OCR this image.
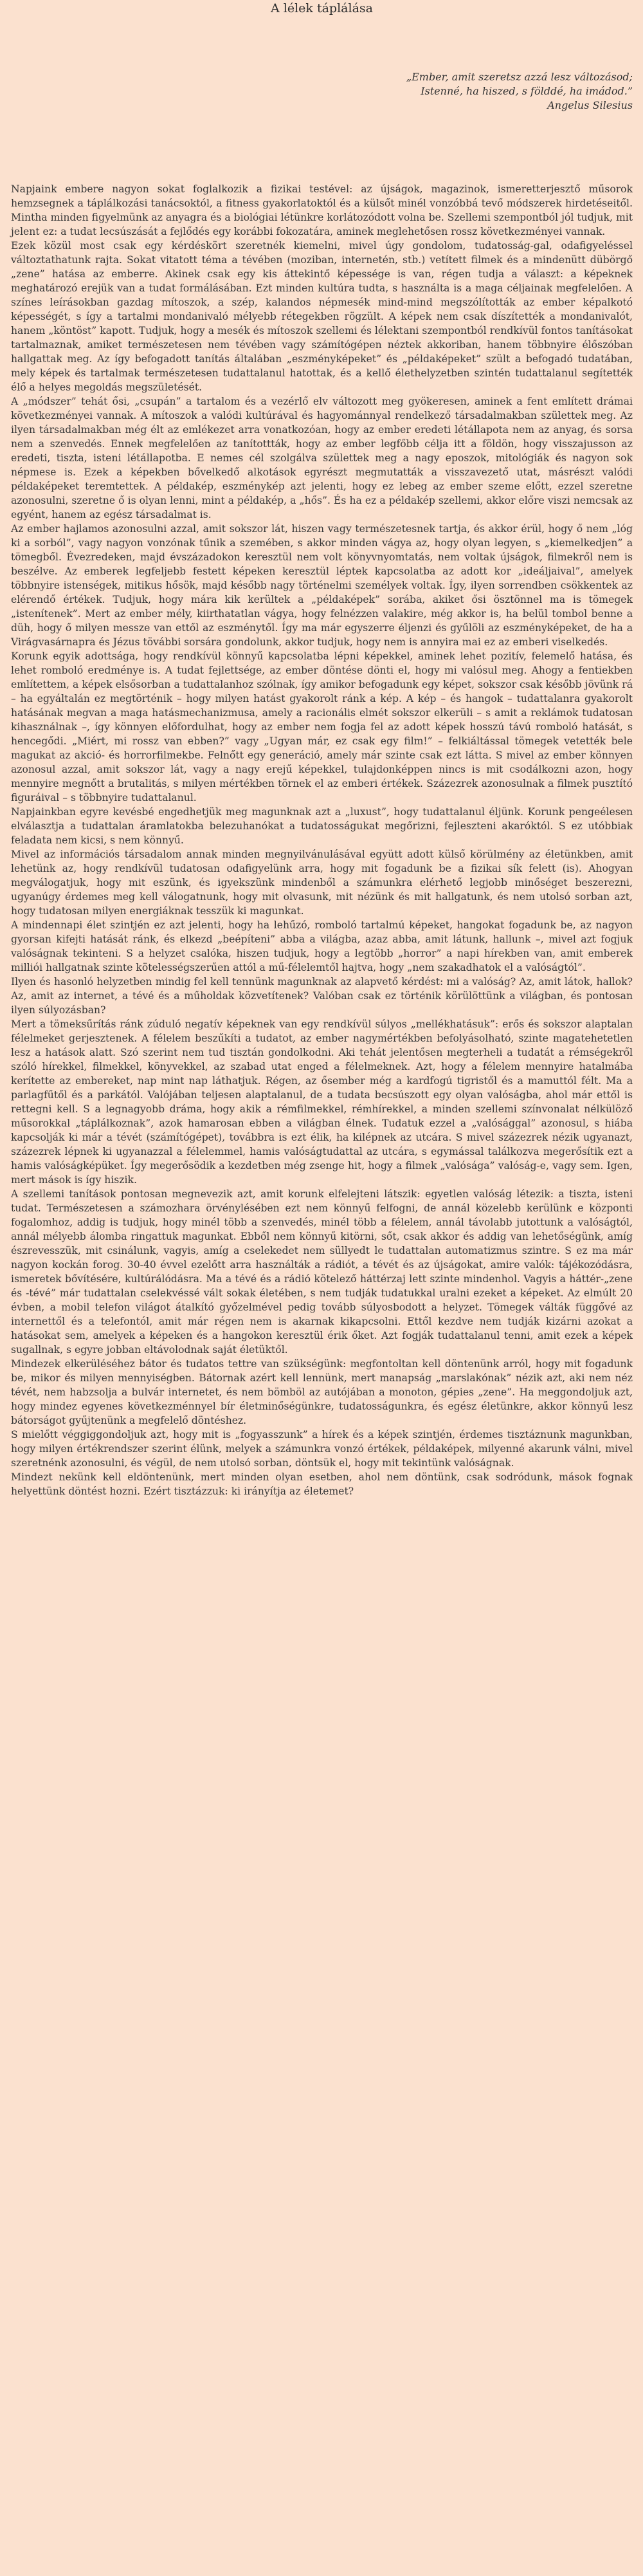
A lélek táplálása
„Ember, amit szeretsz azzá lesz változásod;
Istenné, ha hiszed, s földdé, ha imádod.”
Angelus Silesius

Napjaink embere nagyon sokat foglalkozik a fizikai testével: az újságok, magazinok, ismeretterjesztő műsorok hemzsegnek a táplálkozási tanácsoktól, a fitness gyakorlatoktól és a külsőt minél vonzóbbá tevő módszerek hirdetéseitől. Mintha minden figyelmünk az anyagra és a biológiai létünkre korlátozódott volna be. Szellemi szempontból jól tudjuk, mit jelent ez: a tudat lecsúszását a fejlődés egy korábbi fokozatára, aminek meglehetősen rossz következményei vannak.

Ezek közül most csak egy kérdéskört szeretnék kiemelni, mivel úgy gondolom, tudatosság-gal, odafigyeléssel változtathatunk rajta. Sokat vitatott téma a tévében (moziban, internetén, stb.) vetített filmek és a mindenütt dübörgő „zene” hatása az emberre. Akinek csak egy kis áttekintő képessége is van, régen tudja a választ: a képeknek meghatározó erejük van a tudat formálásában. Ezt minden kultúra tudta, s használta is a maga céljainak megfelelően. A színes leírásokban gazdag mítoszok, a szép, kalandos népmesék mind-mind megszólították az ember képalkotó képességét, s így a tartalmi mondanivaló mélyebb rétegekben rögzült. A képek nem csak díszítették a mondanivalót, hanem „köntöst” kapott. Tudjuk, hogy a mesék és mítoszok szellemi és lélektani szempontból rendkívül fontos tanításokat tartalmaznak, amiket természetesen nem tévében vagy számítógépen néztek akkoriban, hanem többnyire élőszóban hallgattak meg. Az így befogadott tanítás általában „eszményképeket” és „példaképeket” szült a befogadó tudatában, mely képek és tartalmak természetesen tudattalanul hatottak, és a kellő élethelyzetben szintén tudattalanul segítették élő a helyes megoldás megszületését.

A „módszer” tehát ősi, „csupán” a tartalom és a vezérlő elv változott meg gyökeresen, aminek a fent említett drámai következményei vannak. A mítoszok a valódi kultúrával és hagyománnyal rendelkező társadalmakban születtek meg. Az ilyen társadalmakban még élt az emlékezet arra vonatkozóan, hogy az ember eredeti létállapota nem az anyag, és sorsa nem a szenvedés. Ennek megfelelően az tanítottták, hogy az ember legfőbb célja itt a földön, hogy visszajusson az eredeti, tiszta, isteni létállapotba. E nemes cél szolgálva születtek meg a nagy eposzok, mitológiák és nagyon sok népmese is. Ezek a képekben bővelkedő alkotások egyrészt megmutatták a visszavezető utat, másrészt valódi példaképeket teremtettek. A példakép, eszménykép azt jelenti, hogy ez lebeg az ember szeme előtt, ezzel szeretne azonosulni, szeretne ő is olyan lenni, mint a példakép, a „hős”. És ha ez a példakép szellemi, akkor előre viszi nemcsak az egyént, hanem az egész társadalmat is.

Az ember hajlamos azonosulni azzal, amit sokszor lát, hiszen vagy természetesnek tartja, és akkor érül, hogy ő nem „lóg ki a sorból”, vagy nagyon vonzónak tűnik a szemében, s akkor minden vágya az, hogy olyan legyen, s „kiemelkedjen” a tömegből. Évezredeken, majd évszázadokon keresztül nem volt könyvnyomtatás, nem voltak újságok, filmekről nem is beszélve. Az emberek legfeljebb festett képeken keresztül léptek kapcsolatba az adott kor „ideáljaival”, amelyek többnyire istenségek, mitikus hősök, majd később nagy történelmi személyek voltak. Így, ilyen sorrendben csökkentek az elérendő értékek. Tudjuk, hogy mára kik kerültek a „példaképek” sorába, akiket ősi ösztönnel ma is tömegek „istenítenek”. Mert az ember mély, kiirthatatlan vágya, hogy felnézzen valakire, még akkor is, ha belül tombol benne a düh, hogy ő milyen messze van ettől az eszménytől. Így ma már egyszerre éljenzi és gyűlöli az eszményképeket, de ha a Virágvasárnapra és Jézus tövábbi sorsára gondolunk, akkor tudjuk, hogy nem is annyira mai ez az emberi viselkedés.

Korunk egyik adottsága, hogy rendkívül könnyű kapcsolatba lépni képekkel, aminek lehet pozitív, felemelő hatása, és lehet romboló eredménye is. A tudat fejlettsége, az ember döntése dönti el, hogy mi valósul meg. Ahogy a fentiekben említettem, a képek elsősorban a tudattalanhoz szólnak, így amikor befogadunk egy képet, sokszor csak később jövünk rá – ha egyáltalán ez megtörténik – hogy milyen hatást gyakorolt ránk a kép. A kép – és hangok – tudattalanra gyakorolt hatásának megvan a maga hatásmechanizmusa, amely a racionális elmét sokszor elkerüli – s amit a reklámok tudatosan kihasználnak –, így könnyen előfordulhat, hogy az ember nem fogja fel az adott képek hosszú távú romboló hatását, s hencegődi. „Miért, mi rossz van ebben?” vagy „Ugyan már, ez csak egy film!” – felkiáltással tömegek vetették bele magukat az akció- és horrorfilmekbe. Felnőtt egy generáció, amely már szinte csak ezt látta. S mivel az ember könnyen azonosul azzal, amit sokszor lát, vagy a nagy erejű képekkel, tulajdonképpen nincs is mit csodálkozni azon, hogy mennyire megnőtt a brutalitás, s milyen mértékben törnek el az emberi értékek. Százezrek azonosulnak a filmek pusztító figuráival – s többnyire tudattalanul.

Napjainkban egyre kevésbé engedhetjük meg magunknak azt a „luxust”, hogy tudattalanul éljünk. Korunk pengeélesen elválasztja a tudattalan áramlatokba belezuhanókat a tudatosságukat megőrizni, fejleszteni akaróktól. S ez utóbbiak feladata nem kicsi, s nem könnyű.

Mivel az információs társadalom annak minden megnyilvánulásával együtt adott külső körülmény az életünkben, amit lehetünk az, hogy rendkívül tudatosan odafigyelünk arra, hogy mit fogadunk be a fizikai sík felett (is). Ahogyan megválogatjuk, hogy mit eszünk, és igyekszünk mindenből a számunkra elérhető legjobb minőséget beszerezni, ugyanúgy érdemes meg kell válogatnunk, hogy mit olvasunk, mit nézünk és mit hallgatunk, és nem utolsó sorban azt, hogy tudatosan milyen energiáknak tesszük ki magunkat.

A mindennapi élet szintjén ez azt jelenti, hogy ha lehűzó, romboló tartalmú képeket, hangokat fogadunk be, az nagyon gyorsan kifejti hatását ránk, és elkezd „beépíteni” abba a világba, azaz abba, amit látunk, hallunk –, mivel azt fogjuk valóságnak tekinteni. S a helyzet csalóka, hiszen tudjuk, hogy a legtöbb „horror” a napi hírekben van, amit emberek milliói hallgatnak szinte kötelességszerűen attól a mű-félelemtől hajtva, hogy „nem szakadhatok el a valóságtól”.

Ilyen és hasonló helyzetben mindig fel kell tennünk magunknak az alapvető kérdést: mi a valóság? Az, amit látok, hallok? Az, amit az internet, a tévé és a műholdak közvetítenek? Valóban csak ez történik körülöttünk a világban, és pontosan ilyen súlyozásban?

Mert a tömeksűrítás ránk zúduló negatív képeknek van egy rendkívül súlyos „mellékhatásuk”: erős és sokszor alaptalan félelmeket gerjesztenek. A félelem beszűkíti a tudatot, az ember nagymértékben befolyásolható, szinte magatehetetlen lesz a hatások alatt. Szó szerint nem tud tisztán gondolkodni. Aki tehát jelentősen megterheli a tudatát a rémségekről szóló hírekkel, filmekkel, könyvekkel, az szabad utat enged a félelmeknek. Azt, hogy a félelem mennyire hatalmába kerítette az embereket, nap mint nap láthatjuk. Régen, az ősember még a kardfogú tigristől és a mamuttól félt. Ma a parlagfűtől és a parkától. Valójában teljesen alaptalanul, de a tudata becsúszott egy olyan valóságba, ahol már ettől is rettegni kell. S a legnagyobb dráma, hogy akik a rémfilmekkel, rémhírekkel, a minden szellemi színvonalat nélkülöző műsorokkal „táplálkoznak”, azok hamarosan ebben a világban élnek. Tudatuk ezzel a „valósággal” azonosul, s hiába kapcsolják ki már a tévét (számítógépet), továbbra is ezt élik, ha kilépnek az utcára. S mivel százezrek nézik ugyanazt, százezrek lépnek ki ugyanazzal a félelemmel, hamis valóságtudattal az utcára, s egymással találkozva megerősítik ezt a hamis valóságképüket. Így megerősödik a kezdetben még zsenge hit, hogy a filmek „valósága” valóság-e, vagy sem. Igen, mert mások is így hiszik.

A szellemi tanítások pontosan megnevezik azt, amit korunk elfelejteni látszik: egyetlen valóság létezik: a tiszta, isteni tudat. Természetesen a számozhara örvénylésében ezt nem könnyű felfogni, de annál közelebb kerülünk e központi fogalomhoz, addig is tudjuk, hogy minél több a szenvedés, minél több a félelem, annál távolabb jutottunk a valóságtól, annál mélyebb álomba ringattuk magunkat. Ebből nem könnyű kitörni, sőt, csak akkor és addig van lehetőségünk, amíg észrevesszük, mit csinálunk, vagyis, amíg a cselekedet nem süllyedt le tudattalan automatizmus szintre. S ez ma már nagyon kockán forog. 30-40 évvel ezelőtt arra használták a rádiót, a tévét és az újságokat, amire valók: tájékozódásra, ismeretek bővítésére, kultúrálódásra. Ma a tévé és a rádió kötelező háttérzaj lett szinte mindenhol. Vagyis a háttér-„zene és -tévé” már tudattalan cselekvéssé vált sokak életében, s nem tudják tudatukkal uralni ezeket a képeket. Az elmúlt 20 évben, a mobil telefon világot átalkító győzelmével pedig tovább súlyosbodott a helyzet. Tömegek válták függővé az internettől és a telefontól, amit már régen nem is akarnak kikapcsolni. Ettől kezdve nem tudják kizárni azokat a hatásokat sem, amelyek a képeken és a hangokon keresztül érik őket. Azt fogják tudattalanul tenni, amit ezek a képek sugallnak, s egyre jobban eltávolodnak saját életüktől.

Mindezek elkerüléséhez bátor és tudatos tettre van szükségünk: megfontoltan kell döntenünk arról, hogy mit fogadunk be, mikor és milyen mennyiségben. Bátornak azért kell lennünk, mert manapság „marslakónak” nézik azt, aki nem néz tévét, nem habzsolja a bulvár internetet, és nem bömböl az autójában a monoton, gépies „zene”. Ha meggondoljuk azt, hogy mindez egyenes következménnyel bír életminőségünkre, tudatosságunkra, és egész életünkre, akkor könnyű lesz bátorságot gyűjtenünk a megfelelő döntéshez.

S mielőtt véggiggondoljuk azt, hogy mit is „fogyasszunk” a hírek és a képek szintjén, érdemes tisztáznunk magunkban, hogy milyen értékrendszer szerint élünk, melyek a számunkra vonzó értékek, példaképek, milyenné akarunk válni, mivel szeretnénk azonosulni, és végül, de nem utolsó sorban, döntsük el, hogy mit tekintünk valóságnak.

Mindezt nekünk kell eldöntenünk, mert minden olyan esetben, ahol nem döntünk, csak sodródunk, mások fognak helyettünk döntést hozni. Ezért tisztázzuk: ki irányítja az életemet?
